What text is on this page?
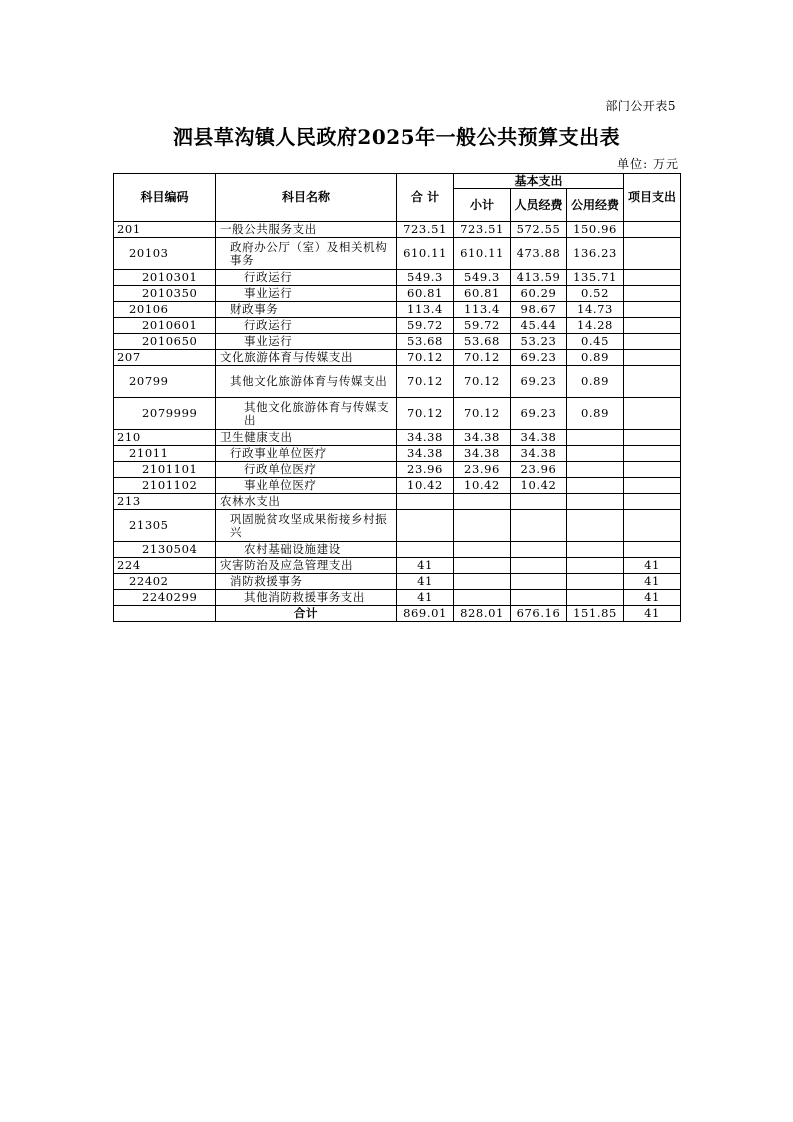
部门公开表5
泗县草沟镇人民政府2025年一般公共预算支出表
单位: 万元
科目编码	科目名称	合 计	基本支出			项目支出
			小计	人员经费	公用经费	
201	一般公共服务支出	723.51	723.51	572.55	150.96	
20103	政府办公厅（室）及相关机构事务	610.11	610.11	473.88	136.23	
2010301	行政运行	549.3	549.3	413.59	135.71	
2010350	事业运行	60.81	60.81	60.29	0.52	
20106	财政事务	113.4	113.4	98.67	14.73	
2010601	行政运行	59.72	59.72	45.44	14.28	
2010650	事业运行	53.68	53.68	53.23	0.45	
207	文化旅游体育与传媒支出	70.12	70.12	69.23	0.89	
20799	其他文化旅游体育与传媒支出	70.12	70.12	69.23	0.89	
2079999	其他文化旅游体育与传媒支出	70.12	70.12	69.23	0.89	
210	卫生健康支出	34.38	34.38	34.38		
21011	行政事业单位医疗	34.38	34.38	34.38		
2101101	行政单位医疗	23.96	23.96	23.96		
2101102	事业单位医疗	10.42	10.42	10.42		
213	农林水支出					
21305	巩固脱贫攻坚成果衔接乡村振兴					
2130504	农村基础设施建设					
224	灾害防治及应急管理支出	41				41
22402	消防救援事务	41				41
2240299	其他消防救援事务支出	41				41
	合计	869.01	828.01	676.16	151.85	41
